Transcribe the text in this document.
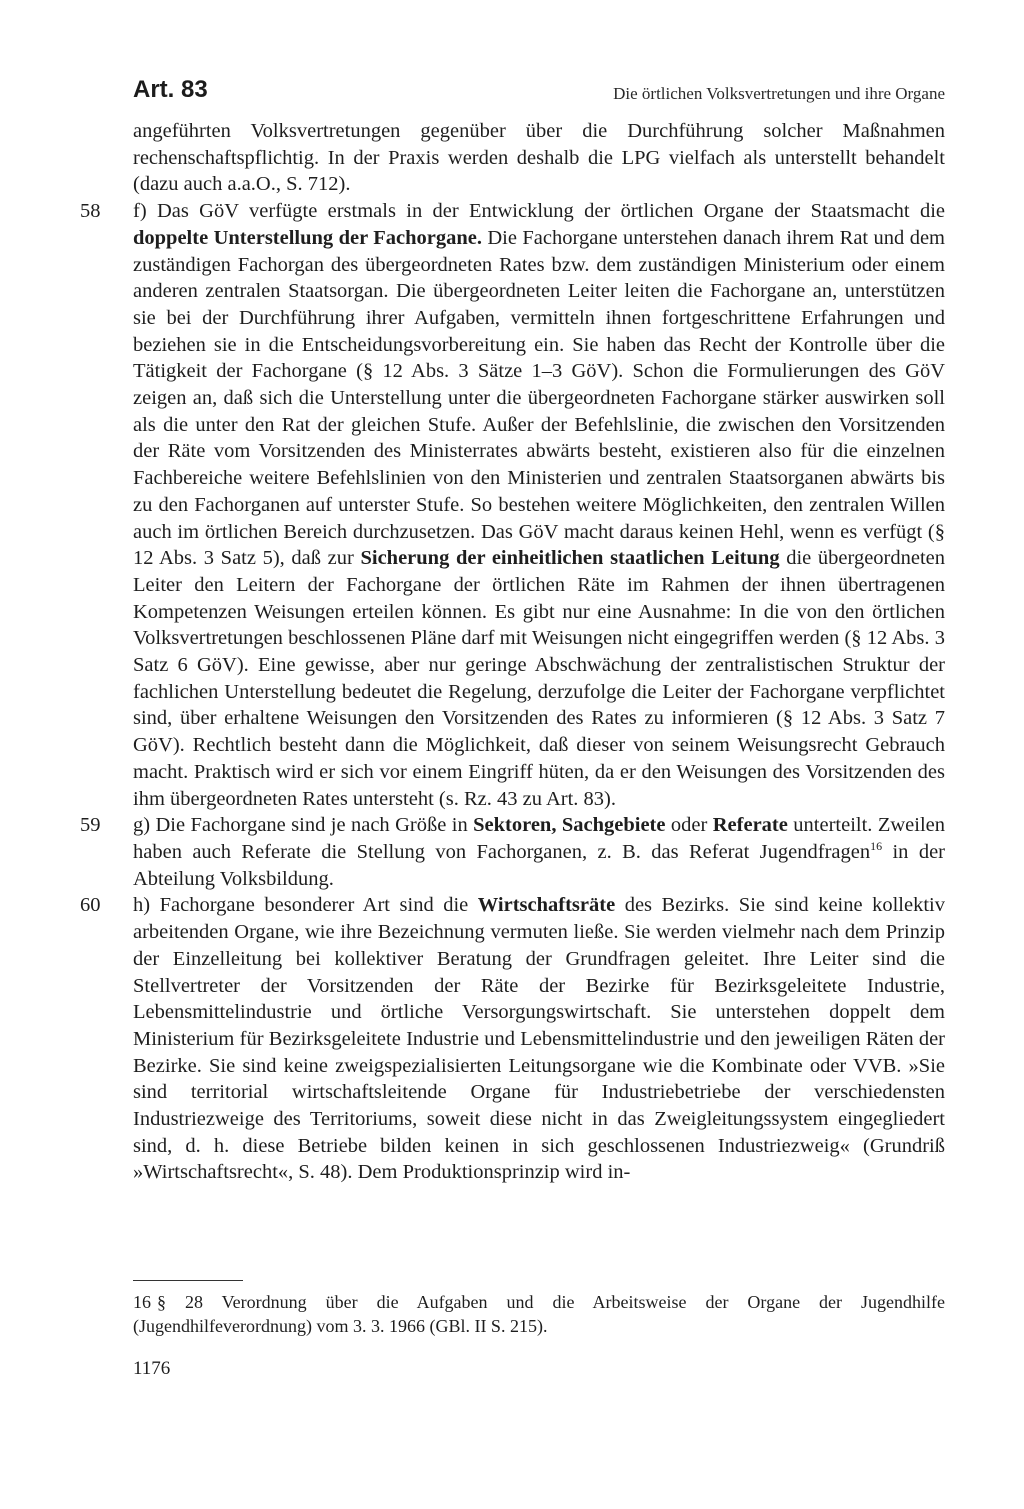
Art. 83	Die örtlichen Volksvertretungen und ihre Organe

angeführten Volksvertretungen gegenüber über die Durchführung solcher Maßnahmen rechenschaftspflichtig. In der Praxis werden deshalb die LPG vielfach als unterstellt behandelt (dazu auch a.a.O., S. 712).

58 f) Das GöV verfügte erstmals in der Entwicklung der örtlichen Organe der Staatsmacht die doppelte Unterstellung der Fachorgane. Die Fachorgane unterstehen danach ihrem Rat und dem zuständigen Fachorgan des übergeordneten Rates bzw. dem zuständigen Ministerium oder einem anderen zentralen Staatsorgan. Die übergeordneten Leiter leiten die Fachorgane an, unterstützen sie bei der Durchführung ihrer Aufgaben, vermitteln ihnen fortgeschrittene Erfahrungen und beziehen sie in die Entscheidungsvorbereitung ein. Sie haben das Recht der Kontrolle über die Tätigkeit der Fachorgane (§ 12 Abs. 3 Sätze 1–3 GöV). Schon die Formulierungen des GöV zeigen an, daß sich die Unterstellung unter die übergeordneten Fachorgane stärker auswirken soll als die unter den Rat der gleichen Stufe. Außer der Befehlslinie, die zwischen den Vorsitzenden der Räte vom Vorsitzenden des Ministerrates abwärts besteht, existieren also für die einzelnen Fachbereiche weitere Befehlslinien von den Ministerien und zentralen Staatsorganen abwärts bis zu den Fachorganen auf unterster Stufe. So bestehen weitere Möglichkeiten, den zentralen Willen auch im örtlichen Bereich durchzusetzen. Das GöV macht daraus keinen Hehl, wenn es verfügt (§ 12 Abs. 3 Satz 5), daß zur Sicherung der einheitlichen staatlichen Leitung die übergeordneten Leiter den Leitern der Fachorgane der örtlichen Räte im Rahmen der ihnen übertragenen Kompetenzen Weisungen erteilen können. Es gibt nur eine Ausnahme: In die von den örtlichen Volksvertretungen beschlossenen Pläne darf mit Weisungen nicht eingegriffen werden (§ 12 Abs. 3 Satz 6 GöV). Eine gewisse, aber nur geringe Abschwächung der zentralistischen Struktur der fachlichen Unterstellung bedeutet die Regelung, derzufolge die Leiter der Fachorgane verpflichtet sind, über erhaltene Weisungen den Vorsitzenden des Rates zu informieren (§ 12 Abs. 3 Satz 7 GöV). Rechtlich besteht dann die Möglichkeit, daß dieser von seinem Weisungsrecht Gebrauch macht. Praktisch wird er sich vor einem Eingriff hüten, da er den Weisungen des Vorsitzenden des ihm übergeordneten Rates untersteht (s. Rz. 43 zu Art. 83).

59 g) Die Fachorgane sind je nach Größe in Sektoren, Sachgebiete oder Referate unterteilt. Zweilen haben auch Referate die Stellung von Fachorganen, z. B. das Referat Jugendfragen$^{16}$ in der Abteilung Volksbildung.

60 h) Fachorgane besonderer Art sind die Wirtschaftsräte des Bezirks. Sie sind keine kollektiv arbeitenden Organe, wie ihre Bezeichnung vermuten ließe. Sie werden vielmehr nach dem Prinzip der Einzelleitung bei kollektiver Beratung der Grundfragen geleitet. Ihre Leiter sind die Stellvertreter der Vorsitzenden der Räte der Bezirke für Bezirksgeleitete Industrie, Lebensmittelindustrie und örtliche Versorgungswirtschaft. Sie unterstehen doppelt dem Ministerium für Bezirksgeleitete Industrie und Lebensmittelindustrie und den jeweiligen Räten der Bezirke. Sie sind keine zweigspezialisierten Leitungsorgane wie die Kombinate oder VVB. »Sie sind territorial wirtschaftsleitende Organe für Industriebetriebe der verschiedensten Industriezweige des Territoriums, soweit diese nicht in das Zweigleitungssystem eingegliedert sind, d. h. diese Betriebe bilden keinen in sich geschlossenen Industriezweig« (Grundriß »Wirtschaftsrecht«, S. 48). Dem Produktionsprinzip wird in-

16 § 28 Verordnung über die Aufgaben und die Arbeitsweise der Organe der Jugendhilfe (Jugendhilfeverordnung) vom 3. 3. 1966 (GBl. II S. 215).
1176
